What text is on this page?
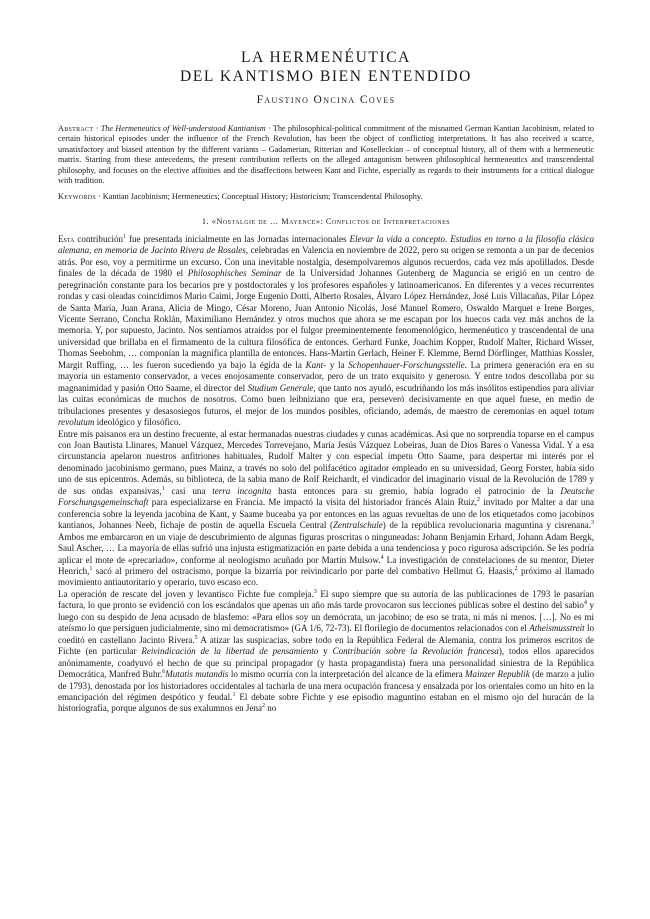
LA HERMENÉUTICA
DEL KANTISMO BIEN ENTENDIDO
Faustino Oncina Coves

Abstract · The Hermeneutics of Well-understood Kantianism · The philosophical-political commitment of the misnamed German Kantian Jacobinism, related to certain historical episodes under the influence of the French Revolution, has been the object of conflicting interpretations. It has also received a scarce, unsatisfactory and biased attention by the different variants – Gadamerian, Ritterian and Koselleckian – of conceptual history, all of them with a hermeneutic matrix. Starting from these antecedents, the present contribution reflects on the alleged antagonism between philosophical hermeneutics and transcendental philosophy, and focuses on the elective affinities and the disaffections between Kant and Fichte, especially as regards to their instruments for a critical dialogue with tradition.

Keywords · Kantian Jacobinism; Hermeneutics; Conceptual History; Historicism; Transcendental Philosophy.

1. «Nostalgie de … Mayence»: Conflictos de Interpretaciones

Esta contribución$^1$ fue presentada inicialmente en las Jornadas internacionales Elevar la vida a concepto. Estudios en torno a la filosofía clásica alemana, en memoria de Jacinto Rivera de Rosales, celebradas en Valencia en noviembre de 2022, pero su origen se remonta a un par de decenios atrás. Por eso, voy a permitirme un excurso. Con una inevitable nostalgia, desempolvaremos algunos recuerdos, cada vez más apolillados. Desde finales de la década de 1980 el Philosophisches Seminar de la Universidad Johannes Gutenberg de Maguncia se erigió en un centro de peregrinación constante para los becarios pre y postdoctorales y los profesores españoles y latinoamericanos. En diferentes y a veces recurrentes rondas y casi oleadas coincidimos Mario Caimi, Jorge Eugenio Dotti, Alberto Rosales, Álvaro López Hernández, José Luis Villacañas, Pilar López de Santa María, Juan Arana, Alicia de Mingo, César Moreno, Juan Antonio Nicolás, José Manuel Romero, Oswaldo Marquet e Irene Borges, Vicente Serrano, Concha Roklán, Maximiliano Hernández y otros muchos que ahora se me escapan por los huecos cada vez más anchos de la memoria. Y, por supuesto, Jacinto. Nos sentíamos atraídos por el fulgor preeminentemente fenomenológico, hermenéutico y trascendental de una universidad que brillaba en el firmamento de la cultura filosófica de entonces. Gerhard Funke, Joachim Kopper, Rudolf Malter, Richard Wisser, Thomas Seebohm, … componían la magnífica plantilla de entonces. Hans-Martin Gerlach, Heiner F. Klemme, Bernd Dörflinger, Matthias Kossler, Margit Ruffing, … les fueron sucediendo ya bajo la égida de la Kant- y la Schopenhauer-Forschungsstelle. La primera generación era en su mayoría un estamento conservador, a veces enojosamente conservador, pero de un trato exquisito y generoso. Y entre todos descollaba por su magnanimidad y pasión Otto Saame, el director del Studium Generale, que tanto nos ayudó, escudriñando los más insólitos estipendios para aliviar las cuitas económicas de muchos de nosotros. Como buen leibniziano que era, perseveró decisivamente en que aquel fuese, en medio de tribulaciones presentes y desasosiegos futuros, el mejor de los mundos posibles, oficiando, además, de maestro de ceremonias en aquel totum revolutum ideológico y filosófico.

Entre mis paisanos era un destino frecuente, al estar hermanadas nuestras ciudades y cunas académicas. Así que no sorprendía toparse en el campus con Joan Bautista Llinares, Manuel Vázquez, Mercedes Torrevejano, María Jesús Vázquez Lobeiras, Juan de Dios Bares o Vanessa Vidal. Y a esa circunstancia apelaron nuestros anfitriones habituales, Rudolf Malter y con especial ímpetu Otto Saame, para despertar mi interés por el denominado jacobinismo germano, pues Mainz, a través no solo del polifacético agitador empleado en su universidad, Georg Forster, había sido uno de sus epicentros. Además, su biblioteca, de la sabia mano de Rolf Reichardt, el vindicador del imaginario visual de la Revolución de 1789 y de sus ondas expansivas,$^1$ casi una terra incognita hasta entonces para su gremio, había logrado el patrocinio de la Deutsche Forschungsgemeinschaft para especializarse en Francia. Me impactó la visita del historiador francés Alain Ruiz,$^2$ invitado por Malter a dar una conferencia sobre la leyenda jacobina de Kant, y Saame buceaba ya por entonces en las aguas revueltas de uno de los etiquetados como jacobinos kantianos, Johannes Neeb, fichaje de postín de aquella Escuela Central (Zentralschule) de la república revolucionaria maguntina y cisrenana.$^3$ Ambos me embarcaron en un viaje de descubrimiento de algunas figuras proscritas o ninguneadas: Johann Benjamin Erhard, Johann Adam Bergk, Saul Ascher, … La mayoría de ellas sufrió una injusta estigmatización en parte debida a una tendenciosa y poco rigurosa adscripción. Se les podría aplicar el mote de «precariado», conforme al neologismo acuñado por Martin Mulsow.$^4$ La investigación de constelaciones de su mentor, Dieter Henrich,$^1$ sacó al primero del ostracismo, porque la bizarría por reivindicarlo por parte del combativo Hellmut G. Haasis,$^2$ próximo al llamado movimiento antiautoritario y operario, tuvo escaso eco.

La operación de rescate del joven y levantisco Fichte fue compleja.$^3$ El supo siempre que su autoría de las publicaciones de 1793 le pasarían factura, lo que pronto se evidenció con los escándalos que apenas un año más tarde provocaron sus lecciones públicas sobre el destino del sabio$^4$ y luego con su despido de Jena acusado de blasfemo: «Para ellos soy un demócrata, un jacobino; de eso se trata, ni más ni menos. […]. No es mi ateísmo lo que persiguen judicialmente, sino mi democratismo» (GA 1/6, 72-73). El florilegio de documentos relacionados con el Atheismusstreit lo coeditó en castellano Jacinto Rivera.$^5$ A atizar las suspicacias, sobre todo en la República Federal de Alemania, contra los primeros escritos de Fichte (en particular Reivindicación de la libertad de pensamiento y Contribución sobre la Revolución francesa), todos ellos aparecidos anónimamente, coadyuvó el hecho de que su principal propagador (y hasta propagandista) fuera una personalidad siniestra de la República Democrática, Manfred Buhr.$^6$Mutatis mutandis lo mismo ocurría con la interpretación del alcance de la efímera Mainzer Republik (de marzo a julio de 1793), denostada por los historiadores occidentales al tacharla de una mera ocupación francesa y ensalzada por los orientales como un hito en la emancipación del régimen despótico y feudal.$^1$ El debate sobre Fichte y ese episodio maguntino estaban en el mismo ojo del huracán de la historiografía, porque algunos de sus exalumnos en Jena$^2$ no
